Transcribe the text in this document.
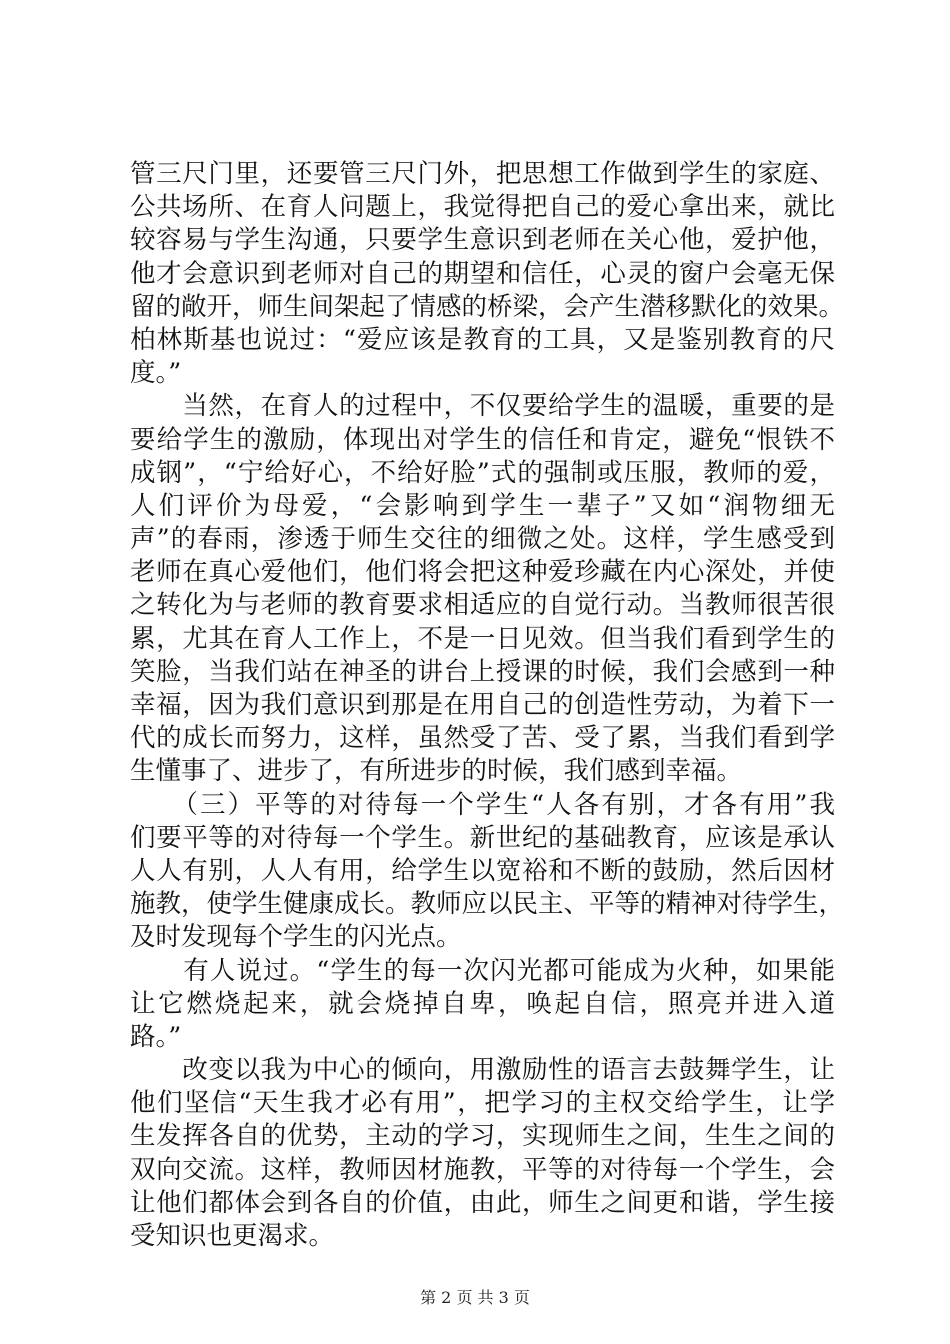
管三尺门里，还要管三尺门外，把思想工作做到学生的家庭、
公共场所、在育人问题上，我觉得把自己的爱心拿出来，就比
较容易与学生沟通，只要学生意识到老师在关心他，爱护他，
他才会意识到老师对自己的期望和信任，心灵的窗户会毫无保
留的敞开，师生间架起了情感的桥梁，会产生潜移默化的效果。
柏林斯基也说过：“爱应该是教育的工具，又是鉴别教育的尺
度。”
　　当然，在育人的过程中，不仅要给学生的温暖，重要的是
要给学生的激励，体现出对学生的信任和肯定，避免“恨铁不
成钢”，“宁给好心，不给好脸”式的强制或压服，教师的爱，
人们评价为母爱，“会影响到学生一辈子”又如“润物细无
声”的春雨，渗透于师生交往的细微之处。这样，学生感受到
老师在真心爱他们，他们将会把这种爱珍藏在内心深处，并使
之转化为与老师的教育要求相适应的自觉行动。当教师很苦很
累，尤其在育人工作上，不是一日见效。但当我们看到学生的
笑脸，当我们站在神圣的讲台上授课的时候，我们会感到一种
幸福，因为我们意识到那是在用自己的创造性劳动，为着下一
代的成长而努力，这样，虽然受了苦、受了累，当我们看到学
生懂事了、进步了，有所进步的时候，我们感到幸福。
　　（三）平等的对待每一个学生“人各有别，才各有用”我
们要平等的对待每一个学生。新世纪的基础教育，应该是承认
人人有别，人人有用，给学生以宽裕和不断的鼓励，然后因材
施教，使学生健康成长。教师应以民主、平等的精神对待学生，
及时发现每个学生的闪光点。
　　有人说过。“学生的每一次闪光都可能成为火种，如果能
让它燃烧起来，就会烧掉自卑，唤起自信，照亮并进入道
路。”
　　改变以我为中心的倾向，用激励性的语言去鼓舞学生，让
他们坚信“天生我才必有用”，把学习的主权交给学生，让学
生发挥各自的优势，主动的学习，实现师生之间，生生之间的
双向交流。这样，教师因材施教，平等的对待每一个学生，会
让他们都体会到各自的价值，由此，师生之间更和谐，学生接
受知识也更渴求。
第 2 页 共 3 页
